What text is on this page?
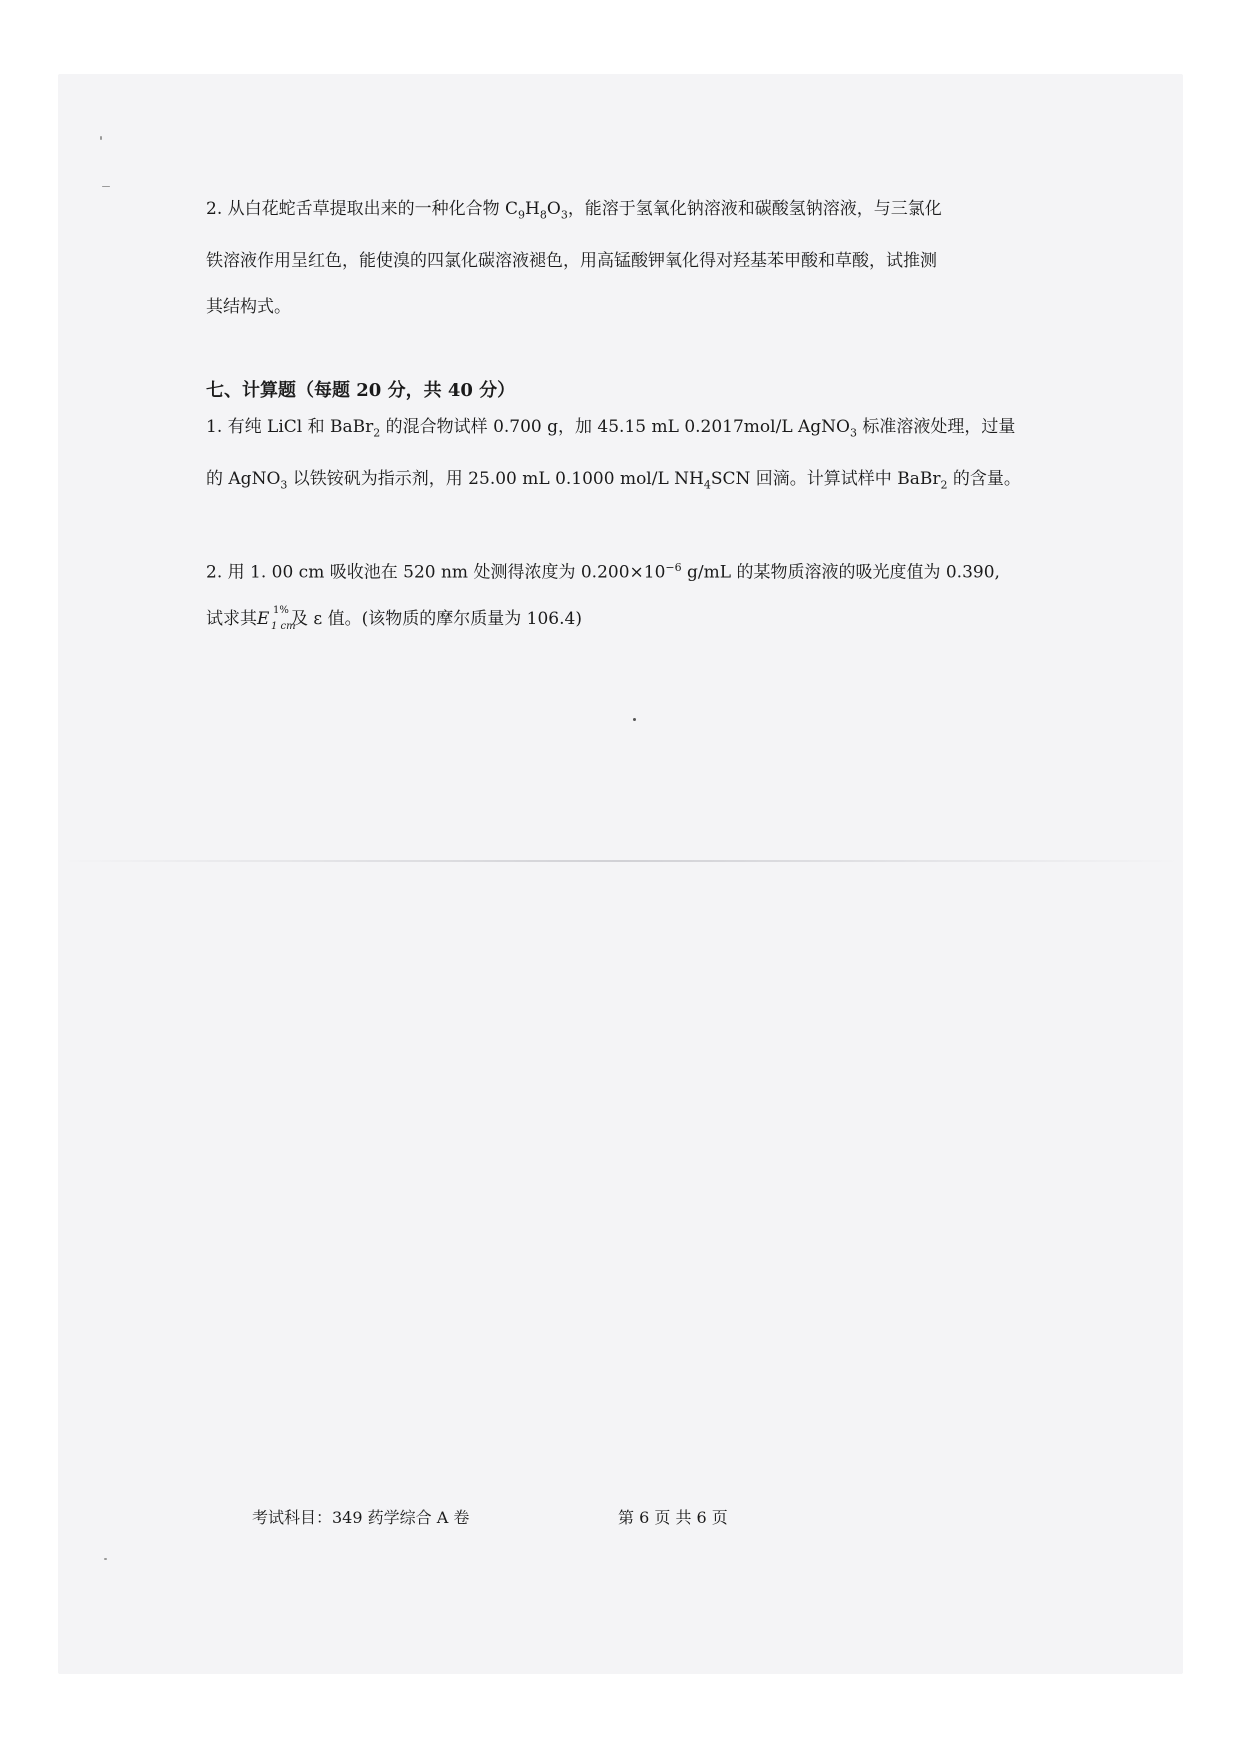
2. 从白花蛇舌草提取出来的一种化合物 $C_9H_8O_3$，能溶于氢氧化钠溶液和碳酸氢钠溶液，与三氯化
铁溶液作用呈红色，能使溴的四氯化碳溶液褪色，用高锰酸钾氧化得对羟基苯甲酸和草酸，试推测
其结构式。
七、计算题（每题 20 分，共 40 分）
1. 有纯 LiCl 和 BaBr$_2$ 的混合物试样 0.700 g，加 45.15 mL 0.2017mol/L AgNO$_3$ 标准溶液处理，过量
的 AgNO$_3$ 以铁铵矾为指示剂，用 25.00 mL 0.1000 mol/L $NH_4SCN$ 回滴。计算试样中 BaBr$_2$ 的含量。
2. 用 1. 00 cm 吸收池在 520 nm 处测得浓度为 $0.200\times 10^{-6}$ g/mL 的某物质溶液的吸光度值为 0.390,
试求其E 1%
1 cm
及 ε 值。(该物质的摩尔质量为 106.4)
考试科目：349 药学综合 A 卷	第 6 页 共 6 页
